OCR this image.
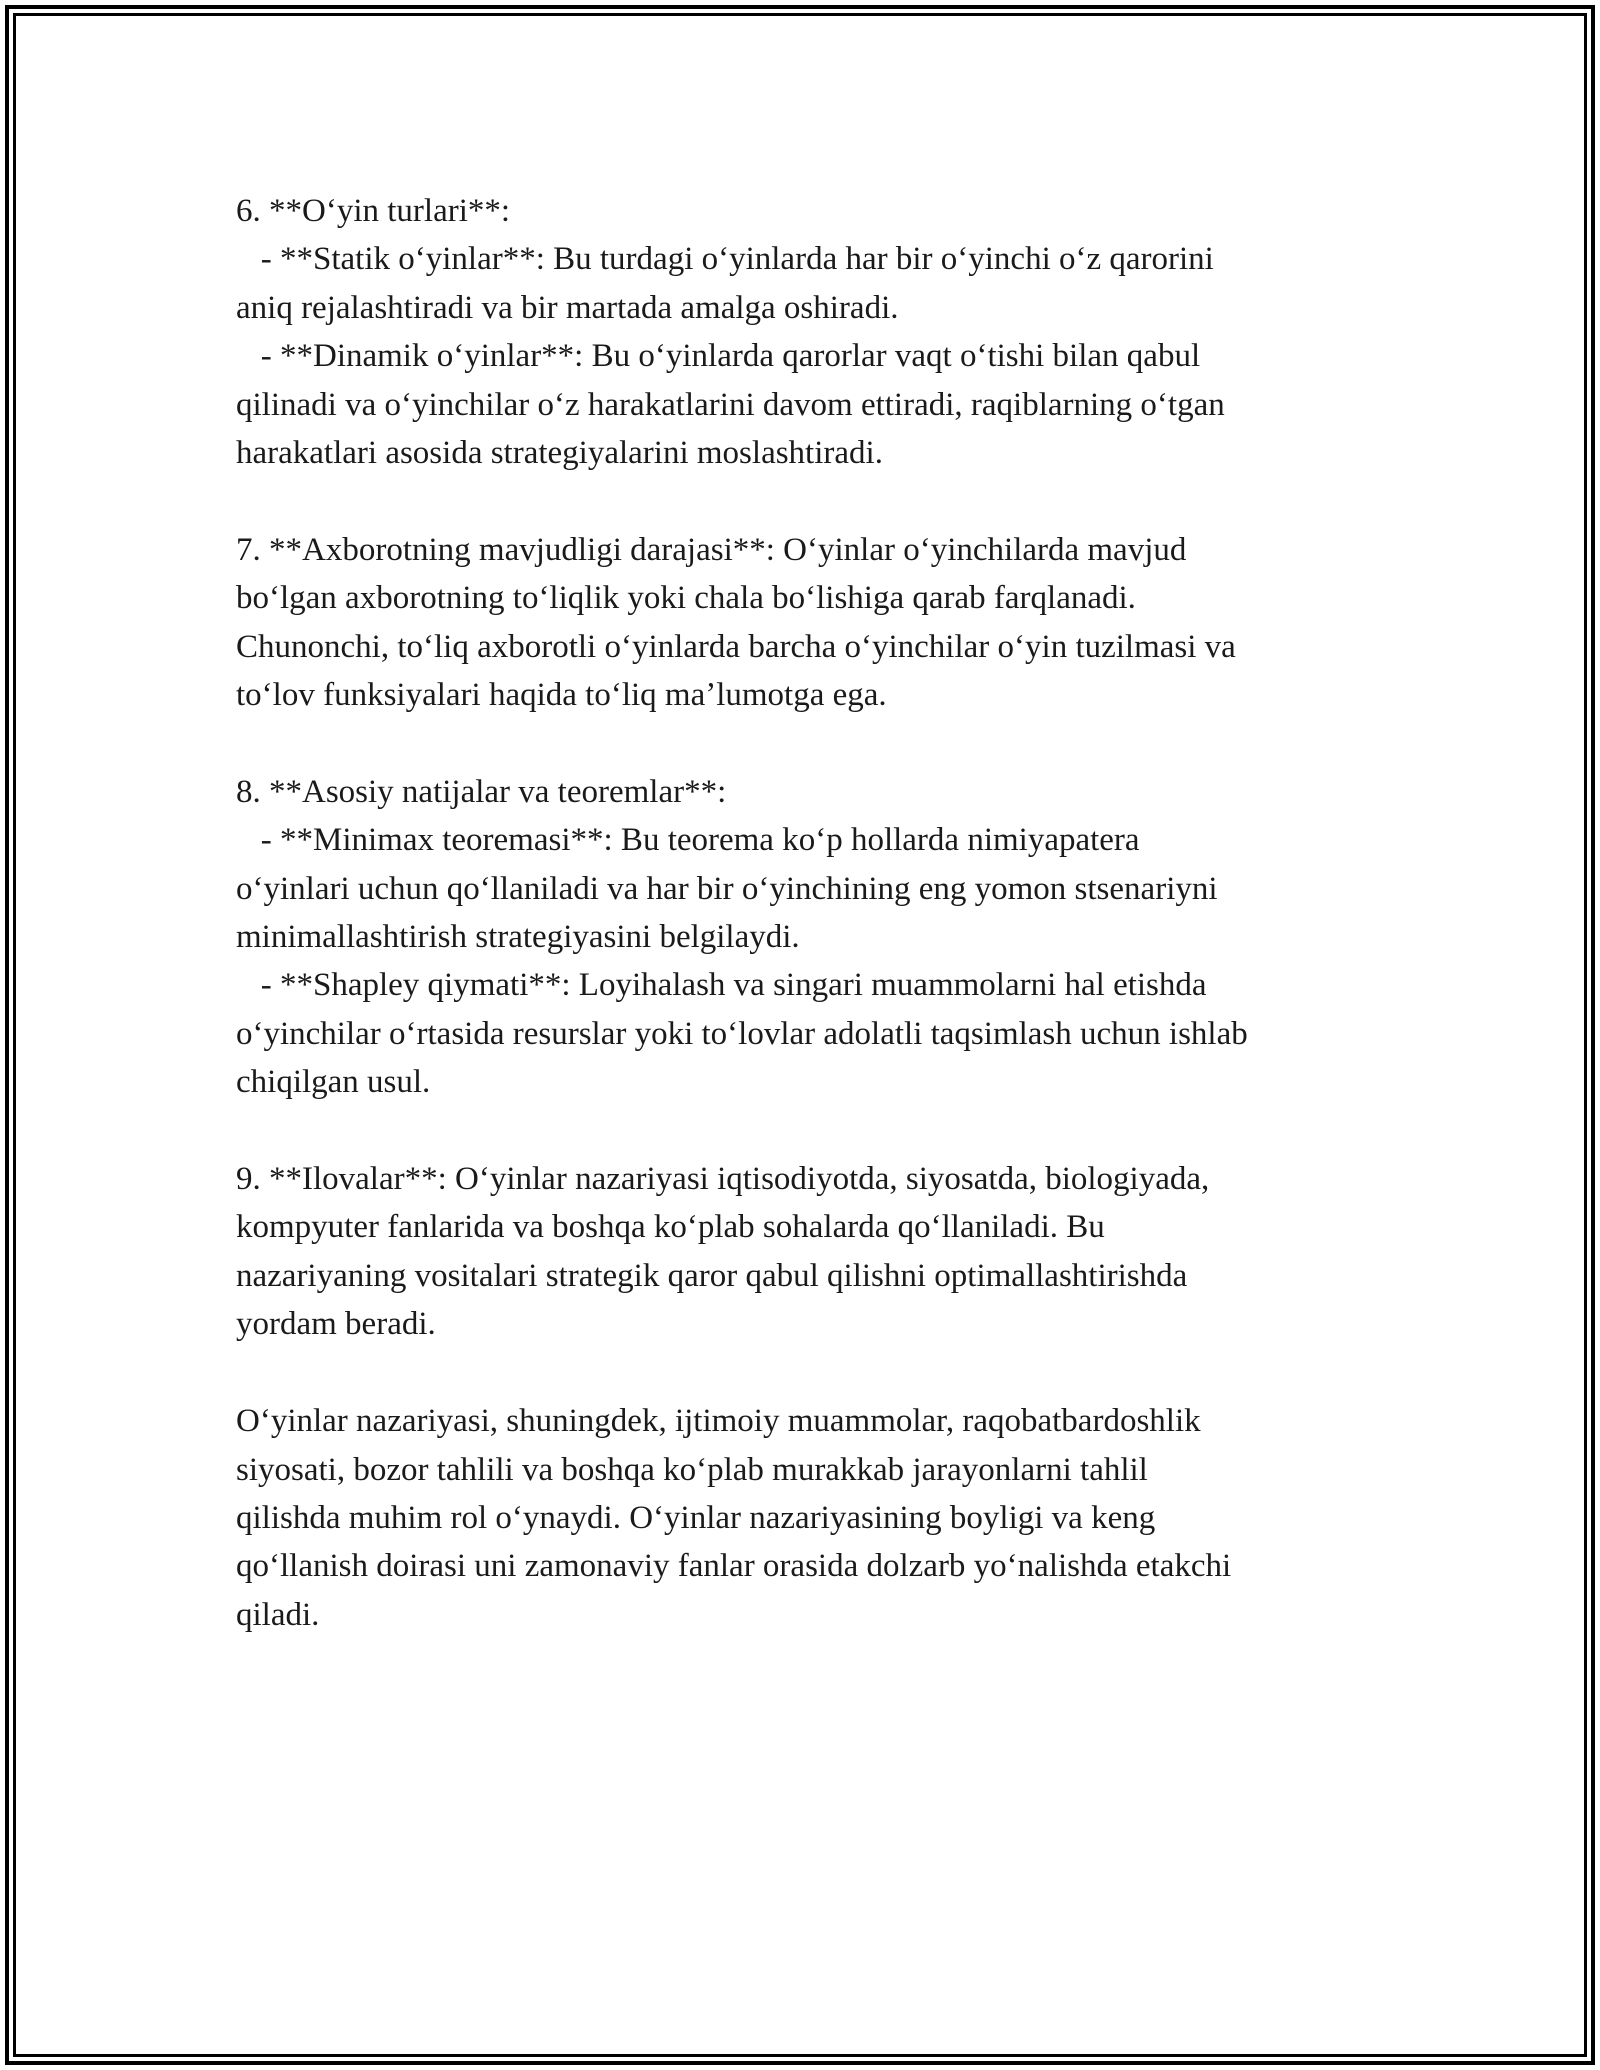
6. **Oʻyin turlari**:
- **Statik oʻyinlar**: Bu turdagi oʻyinlarda har bir oʻyinchi oʻz qarorini
aniq rejalashtiradi va bir martada amalga oshiradi.
- **Dinamik oʻyinlar**: Bu oʻyinlarda qarorlar vaqt oʻtishi bilan qabul
qilinadi va oʻyinchilar oʻz harakatlarini davom ettiradi, raqiblarning oʻtgan
harakatlari asosida strategiyalarini moslashtiradi.

7. **Axborotning mavjudligi darajasi**: Oʻyinlar oʻyinchilarda mavjud
boʻlgan axborotning toʻliqlik yoki chala boʻlishiga qarab farqlanadi.
Chunonchi, toʻliq axborotli oʻyinlarda barcha oʻyinchilar oʻyin tuzilmasi va
toʻlov funksiyalari haqida toʻliq maʼlumotga ega.

8. **Asosiy natijalar va teoremlar**:
- **Minimax teoremasi**: Bu teorema koʻp hollarda nimiyapatera
oʻyinlari uchun qoʻllaniladi va har bir oʻyinchining eng yomon stsenariyni
minimallashtirish strategiyasini belgilaydi.
- **Shapley qiymati**: Loyihalash va singari muammolarni hal etishda
oʻyinchilar oʻrtasida resurslar yoki toʻlovlar adolatli taqsimlash uchun ishlab
chiqilgan usul.

9. **Ilovalar**: Oʻyinlar nazariyasi iqtisodiyotda, siyosatda, biologiyada,
kompyuter fanlarida va boshqa koʻplab sohalarda qoʻllaniladi. Bu
nazariyaning vositalari strategik qaror qabul qilishni optimallashtirishda
yordam beradi.

Oʻyinlar nazariyasi, shuningdek, ijtimoiy muammolar, raqobatbardoshlik
siyosati, bozor tahlili va boshqa koʻplab murakkab jarayonlarni tahlil
qilishda muhim rol oʻynaydi. Oʻyinlar nazariyasining boyligi va keng
qoʻllanish doirasi uni zamonaviy fanlar orasida dolzarb yoʻnalishda etakchi
qiladi.
